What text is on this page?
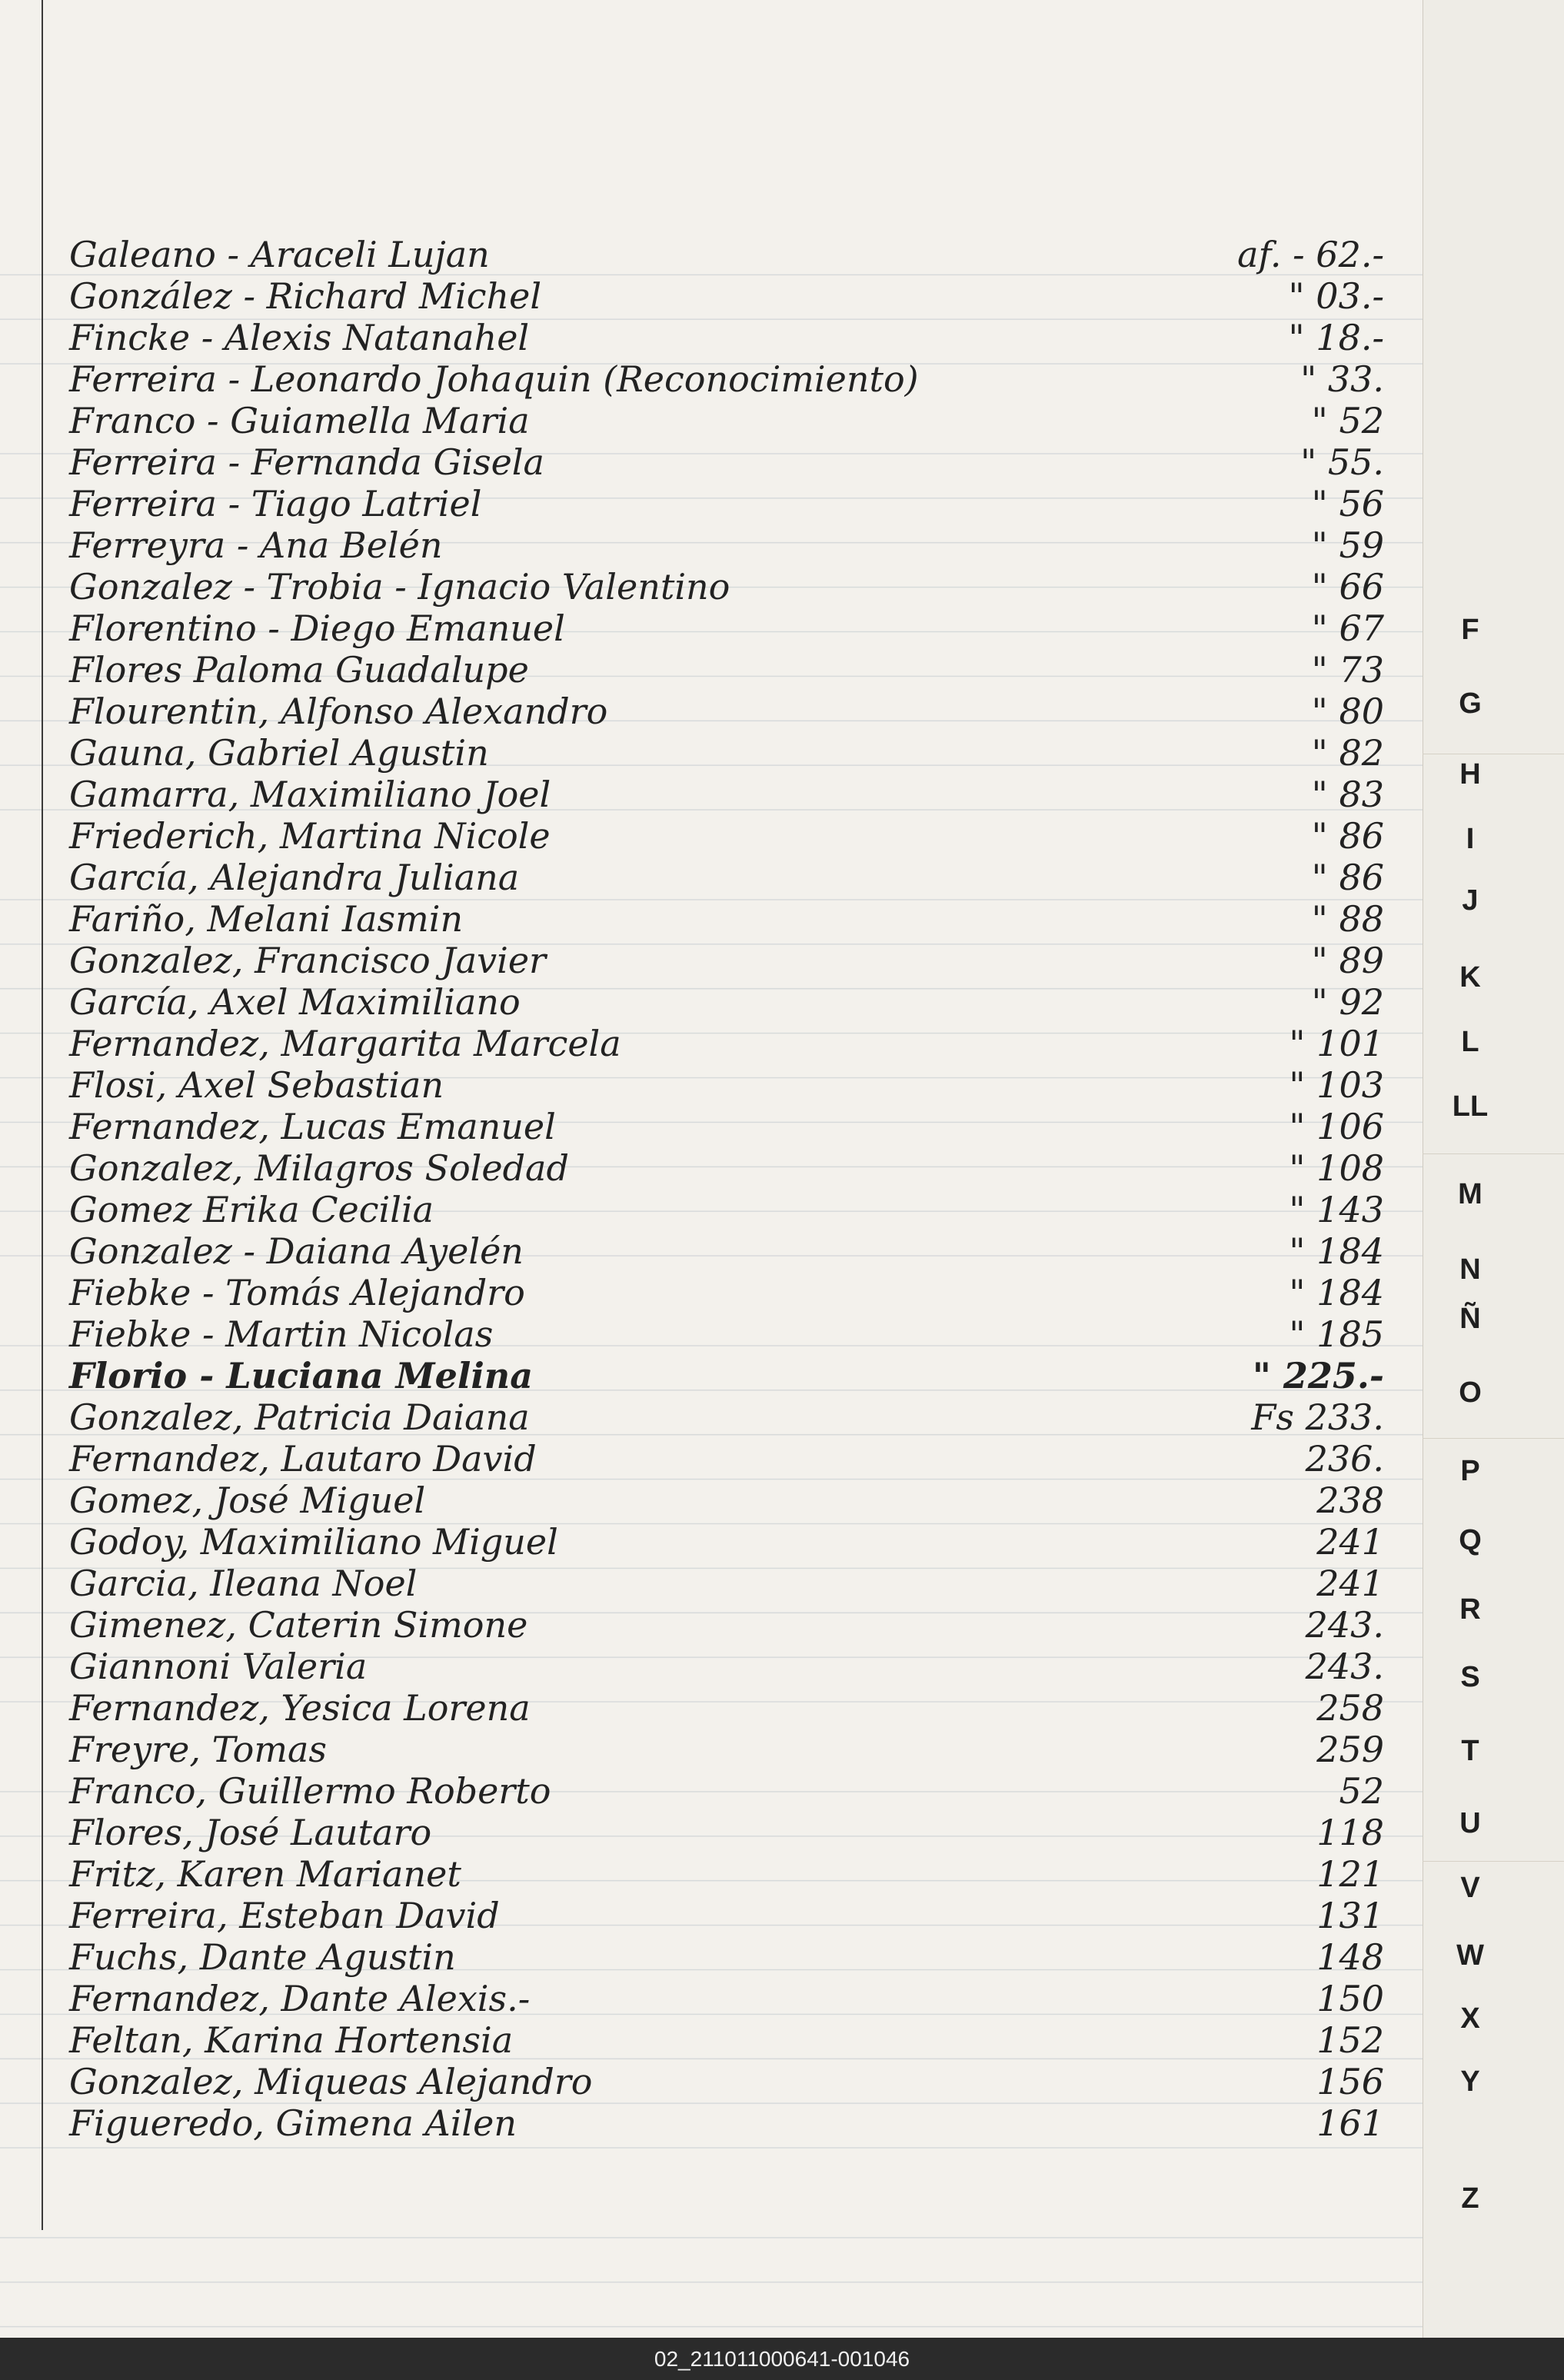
Galeano - Araceli Lujan	af. - 62.-
González - Richard Michel	" 03.-
Fincke - Alexis Natanahel	" 18.-
Ferreira - Leonardo Johaquin (Reconocimiento)	" 33.
Franco - Guiamella Maria	" 52
Ferreira - Fernanda Gisela	" 55.
Ferreira - Tiago Latriel	" 56
Ferreyra - Ana Belén	" 59
Gonzalez - Trobia - Ignacio Valentino	" 66
Florentino - Diego Emanuel	" 67
Flores Paloma Guadalupe	" 73
Flourentin, Alfonso Alexandro	" 80
Gauna, Gabriel Agustin	" 82
Gamarra, Maximiliano Joel	" 83
Friederich, Martina Nicole	" 86
García, Alejandra Juliana	" 86
Fariño, Melani Iasmin	" 88
Gonzalez, Francisco Javier	" 89
García, Axel Maximiliano	" 92
Fernandez, Margarita Marcela	" 101
Flosi, Axel Sebastian	" 103
Fernandez, Lucas Emanuel	" 106
Gonzalez, Milagros Soledad	" 108
Gomez Erika Cecilia	" 143
Gonzalez - Daiana Ayelén	" 184
Fiebke - Tomás Alejandro	" 184
Fiebke - Martin Nicolas	" 185
Florio - Luciana Melina	" 225.-
Gonzalez, Patricia Daiana	Fs 233.
Fernandez, Lautaro David	236.
Gomez, José Miguel	238
Godoy, Maximiliano Miguel	241
Garcia, Ileana Noel	241
Gimenez, Caterin Simone	243.
Giannoni Valeria	243.
Fernandez, Yesica Lorena	258
Freyre, Tomas	259
Franco, Guillermo Roberto	52
Flores, José Lautaro	118
Fritz, Karen Marianet	121
Ferreira, Esteban David	131
Fuchs, Dante Agustin	148
Fernandez, Dante Alexis.-	150
Feltan, Karina Hortensia	152
Gonzalez, Miqueas Alejandro	156
Figueredo, Gimena Ailen	161
F
G
H
I
J
K
L
LL
M
N
Ñ
O
P
Q
R
S
T
U
V
W
X
Y
Z
02_211011000641-001046
